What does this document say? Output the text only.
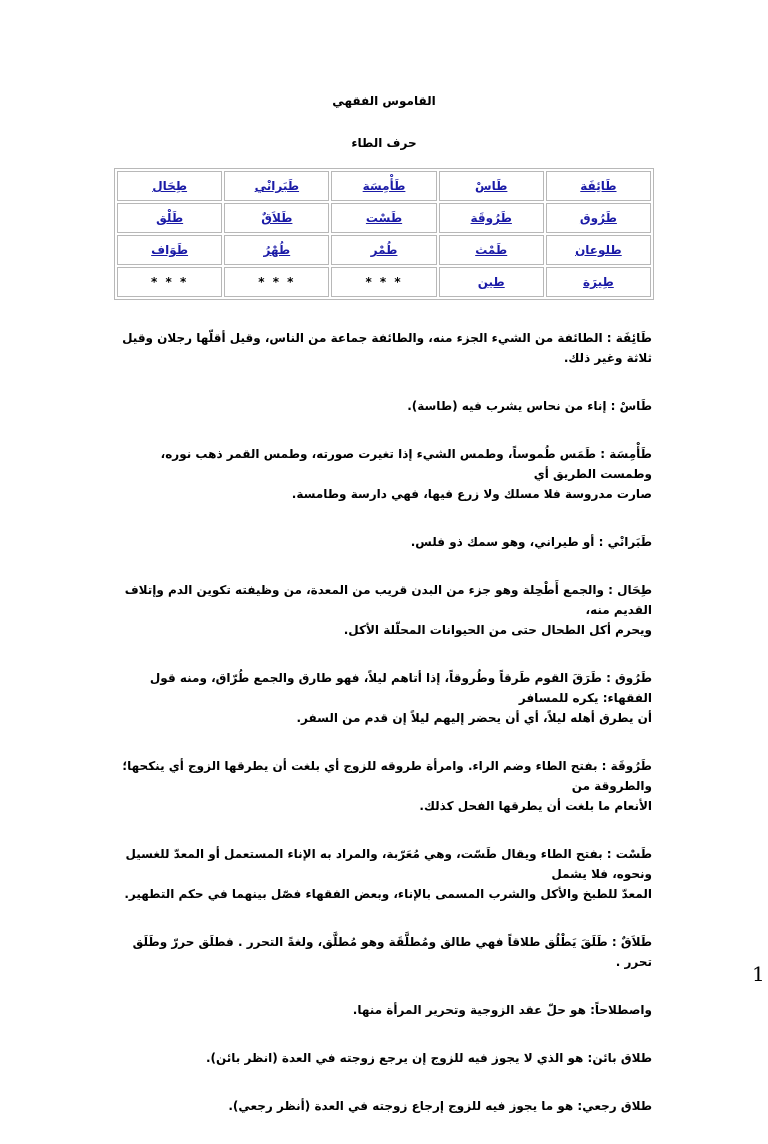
القاموس الفقهي
حرف الطاء
طَائِفَة	طَاسْ	طَأْمِسَة	طَبَرانْي	طِحَال
طَرُوق	طَرُوقَة	طَسْت	طَلاَقٌ	طَلْق
طلوعان	طَمْث	طُمْر	طُهْرُ	طَوَاف
طِيرَة	طين	* * *	* * *	* * *

طَائِفَة : الطائفة من الشيء الجزء منه، والطائفة جماعة من الناس، وقيل أقلّها رجلان وقيل ثلاثة وغير ذلك.

طَاسْ : إناء من نحاس يشرب فيه (طاسة).

طَأْمِسَة : طَمَس طُموساً، وطمس الشيء إذا تغيرت صورته، وطمس القمر ذهب نوره، وطمست الطريق أي
صارت مدروسة فلا مسلك ولا زرع فيها، فهي دارسة وطامسة.

طَبَرانْي : أو طيراني، وهو سمك ذو فلس.

طِحَال : والجمع أَطْحِلة وهو جزء من البدن قريب من المعدة، من وظيفته تكوين الدم وإتلاف القديم منه،
ويحرم أكل الطحال حتى من الحيوانات المحلّلة الأكل.

طَرُوق : طَرَقَ القوم طَرقاً وطُروقاً، إذا أتاهم ليلاً، فهو طارق والجمع طُرّاق، ومنه قول الفقهاء: يكره للمسافر
أن يطرق أهله ليلاً، أي أن يحضر إليهم ليلاً إن قدم من السفر.

طَرُوقَة : بفتح الطاء وضم الراء. وامرأة طروقه للزوج أي بلغت أن يطرقها الزوج أي ينكحها؛ والطروقة من
الأنعام ما بلغت أن يطرقها الفحل كذلك.

طَسْت : بفتح الطاء ويقال طَسّت، وهي مُعَرّبة، والمراد به الإناء المستعمل أو المعدّ للغسيل ونحوه، فلا يشمل
المعدّ للطبخ والأكل والشرب المسمى بالإناء، وبعض الفقهاء فصّل بينهما في حكم التطهير.

طَلاَقٌ : طَلَقَ يَطْلُق طلاقاً فهي طالق ومُطلَّقَة وهو مُطلَّق، ولغةً التحرر . فطلَق حررّ وطَلَق تحرر .

واصطلاحاً: هو حلّ عقد الزوجية وتحرير المرأة منها.

طلاق بائن: هو الذي لا يجوز فيه للزوج إن يرجع زوجته في العدة (انظر بائن).

طلاق رجعي: هو ما يجوز فيه للزوج إرجاع زوجته في العدة (أنظر رجعي).

1
